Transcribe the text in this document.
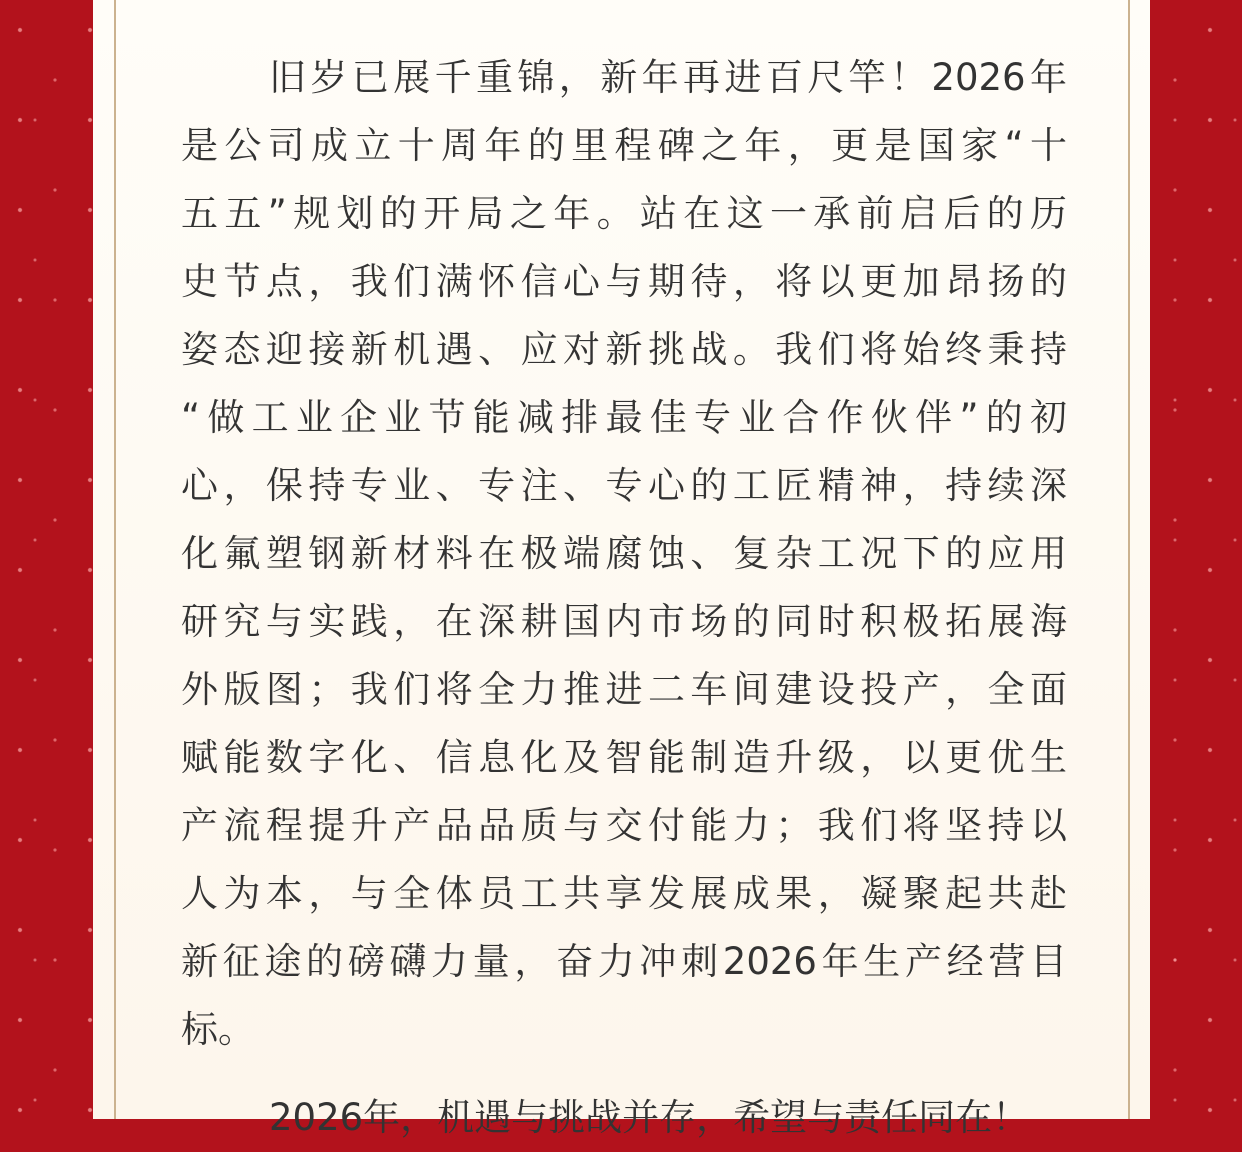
旧岁已展千重锦，新年再进百尺竿！2026年
是公司成立十周年的里程碑之年，更是国家“十
五五”规划的开局之年。站在这一承前启后的历
史节点，我们满怀信心与期待，将以更加昂扬的
姿态迎接新机遇、应对新挑战。我们将始终秉持
“做工业企业节能减排最佳专业合作伙伴”的初
心，保持专业、专注、专心的工匠精神，持续深
化氟塑钢新材料在极端腐蚀、复杂工况下的应用
研究与实践，在深耕国内市场的同时积极拓展海
外版图；我们将全力推进二车间建设投产，全面
赋能数字化、信息化及智能制造升级，以更优生
产流程提升产品品质与交付能力；我们将坚持以
人为本，与全体员工共享发展成果，凝聚起共赴
新征途的磅礴力量，奋力冲刺2026年生产经营目
标。
2026年，机遇与挑战并存，希望与责任同在！
